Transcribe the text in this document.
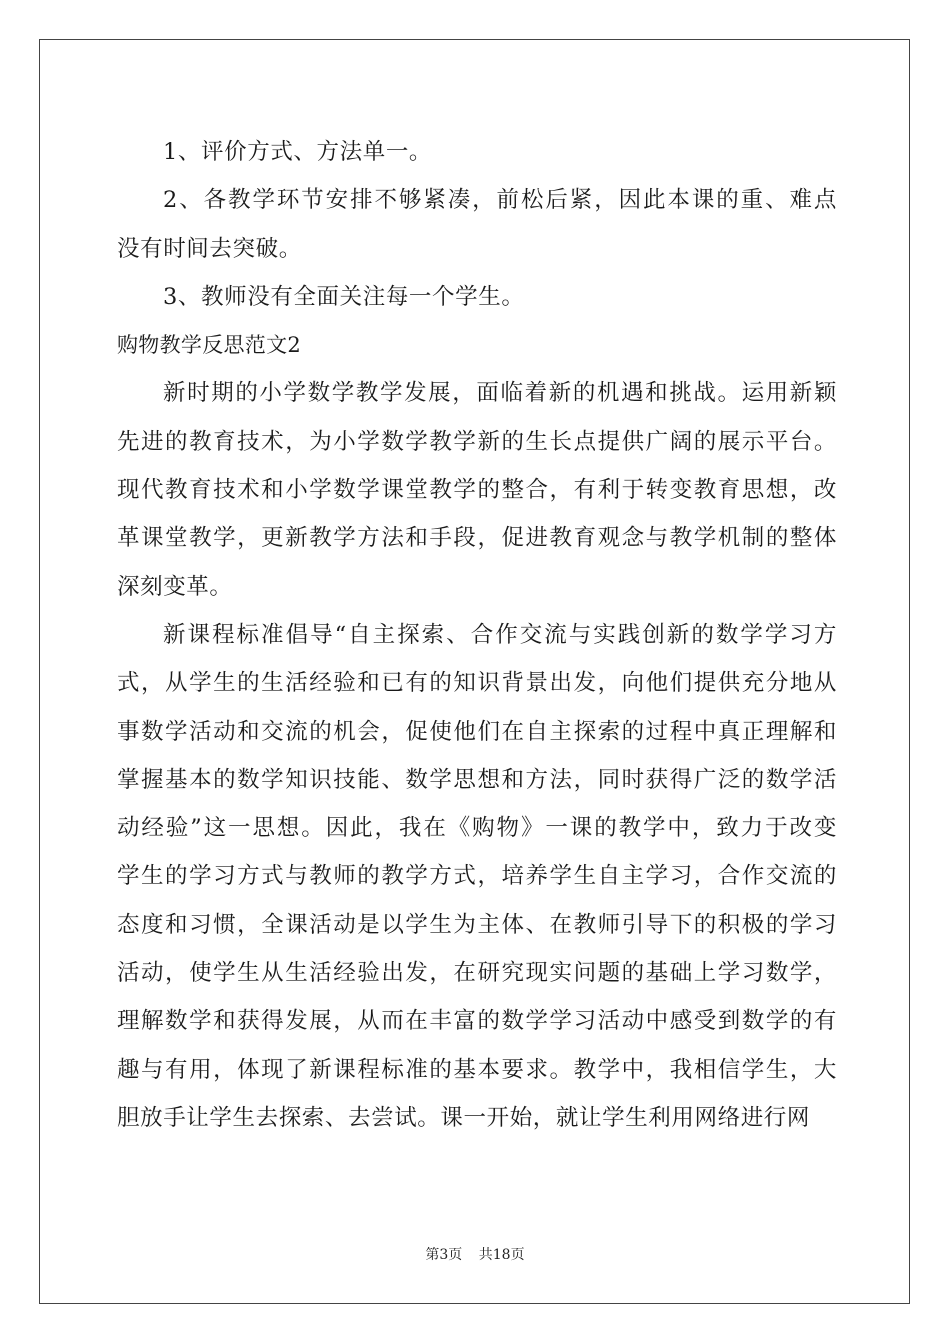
1、评价方式、方法单一。
2、各教学环节安排不够紧凑，前松后紧，因此本课的重、难点
没有时间去突破。
3、教师没有全面关注每一个学生。
购物教学反思范文2
新时期的小学数学教学发展，面临着新的机遇和挑战。运用新颖
先进的教育技术，为小学数学教学新的生长点提供广阔的展示平台。
现代教育技术和小学数学课堂教学的整合，有利于转变教育思想，改
革课堂教学，更新教学方法和手段，促进教育观念与教学机制的整体
深刻变革。
新课程标准倡导“自主探索、合作交流与实践创新的数学学习方
式，从学生的生活经验和已有的知识背景出发，向他们提供充分地从
事数学活动和交流的机会，促使他们在自主探索的过程中真正理解和
掌握基本的数学知识技能、数学思想和方法，同时获得广泛的数学活
动经验”这一思想。因此，我在《购物》一课的教学中，致力于改变
学生的学习方式与教师的教学方式，培养学生自主学习，合作交流的
态度和习惯，全课活动是以学生为主体、在教师引导下的积极的学习
活动，使学生从生活经验出发，在研究现实问题的基础上学习数学，
理解数学和获得发展，从而在丰富的数学学习活动中感受到数学的有
趣与有用，体现了新课程标准的基本要求。教学中，我相信学生，大
胆放手让学生去探索、去尝试。课一开始，就让学生利用网络进行网
第3页 共18页
